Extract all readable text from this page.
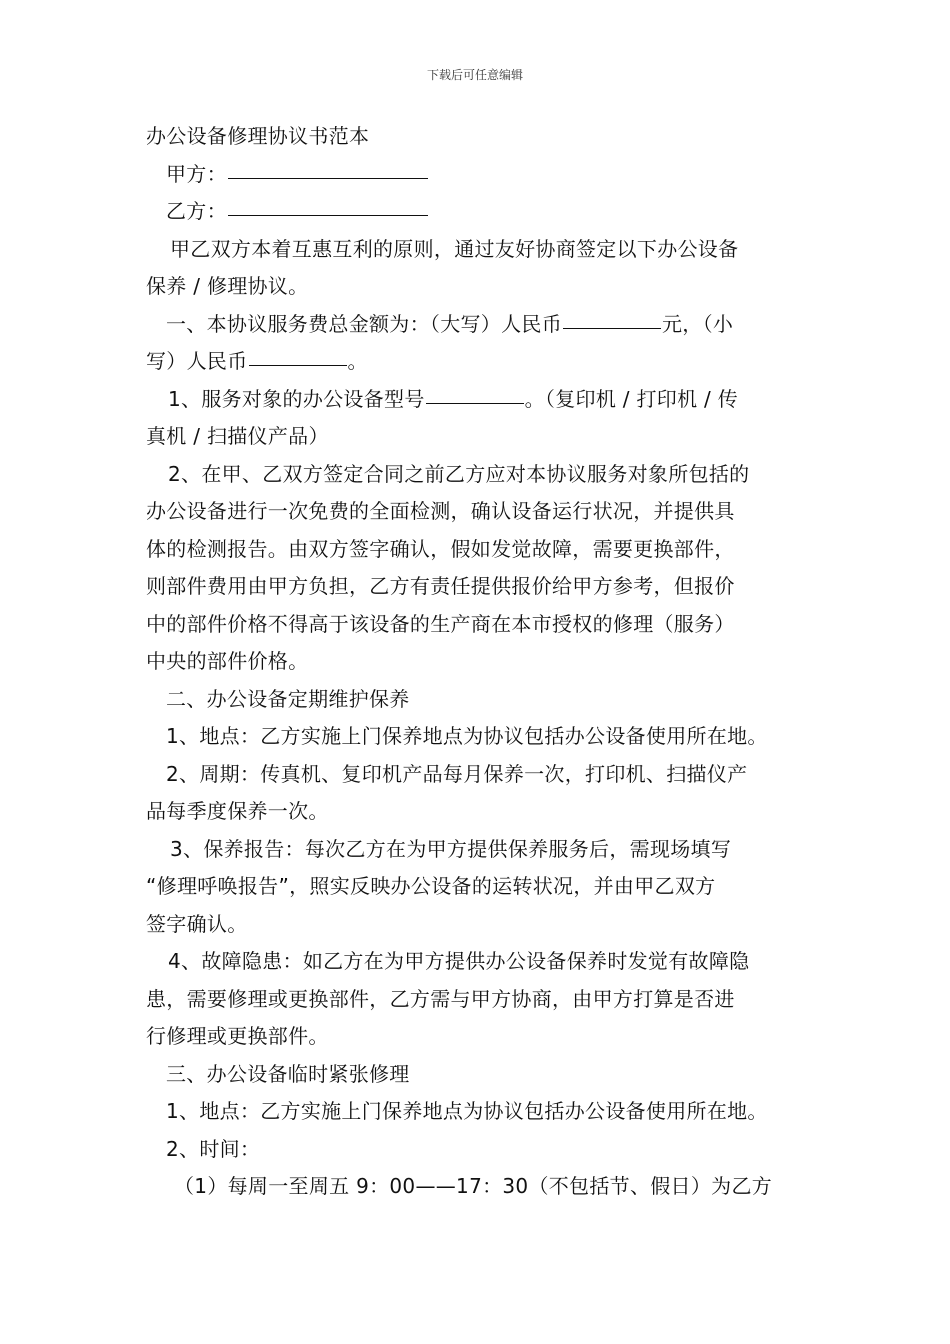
下载后可任意编辑
办公设备修理协议书范本
甲方：
乙方：
甲乙双方本着互惠互利的原则，通过友好协商签定以下办公设备
保养 / 修理协议。
一、本协议服务费总金额为：（大写）人民币	元，（小
写）人民币	。
1、服务对象的办公设备型号	。（复印机 / 打印机 / 传
真机 / 扫描仪产品）
2、在甲、乙双方签定合同之前乙方应对本协议服务对象所包括的
办公设备进行一次免费的全面检测，确认设备运行状况，并提供具
体的检测报告。由双方签字确认，假如发觉故障，需要更换部件，
则部件费用由甲方负担，乙方有责任提供报价给甲方参考，但报价
中的部件价格不得高于该设备的生产商在本市授权的修理（服务）
中央的部件价格。
二、办公设备定期维护保养
1、地点：乙方实施上门保养地点为协议包括办公设备使用所在地。
2、周期：传真机、复印机产品每月保养一次，打印机、扫描仪产
品每季度保养一次。
3、保养报告：每次乙方在为甲方提供保养服务后，需现场填写
“修理呼唤报告”，照实反映办公设备的运转状况，并由甲乙双方
签字确认。
4、故障隐患：如乙方在为甲方提供办公设备保养时发觉有故障隐
患，需要修理或更换部件，乙方需与甲方协商，由甲方打算是否进
行修理或更换部件。
三、办公设备临时紧张修理
1、地点：乙方实施上门保养地点为协议包括办公设备使用所在地。
2、时间：
（1）每周一至周五 9：00——17：30（不包括节、假日）为乙方
